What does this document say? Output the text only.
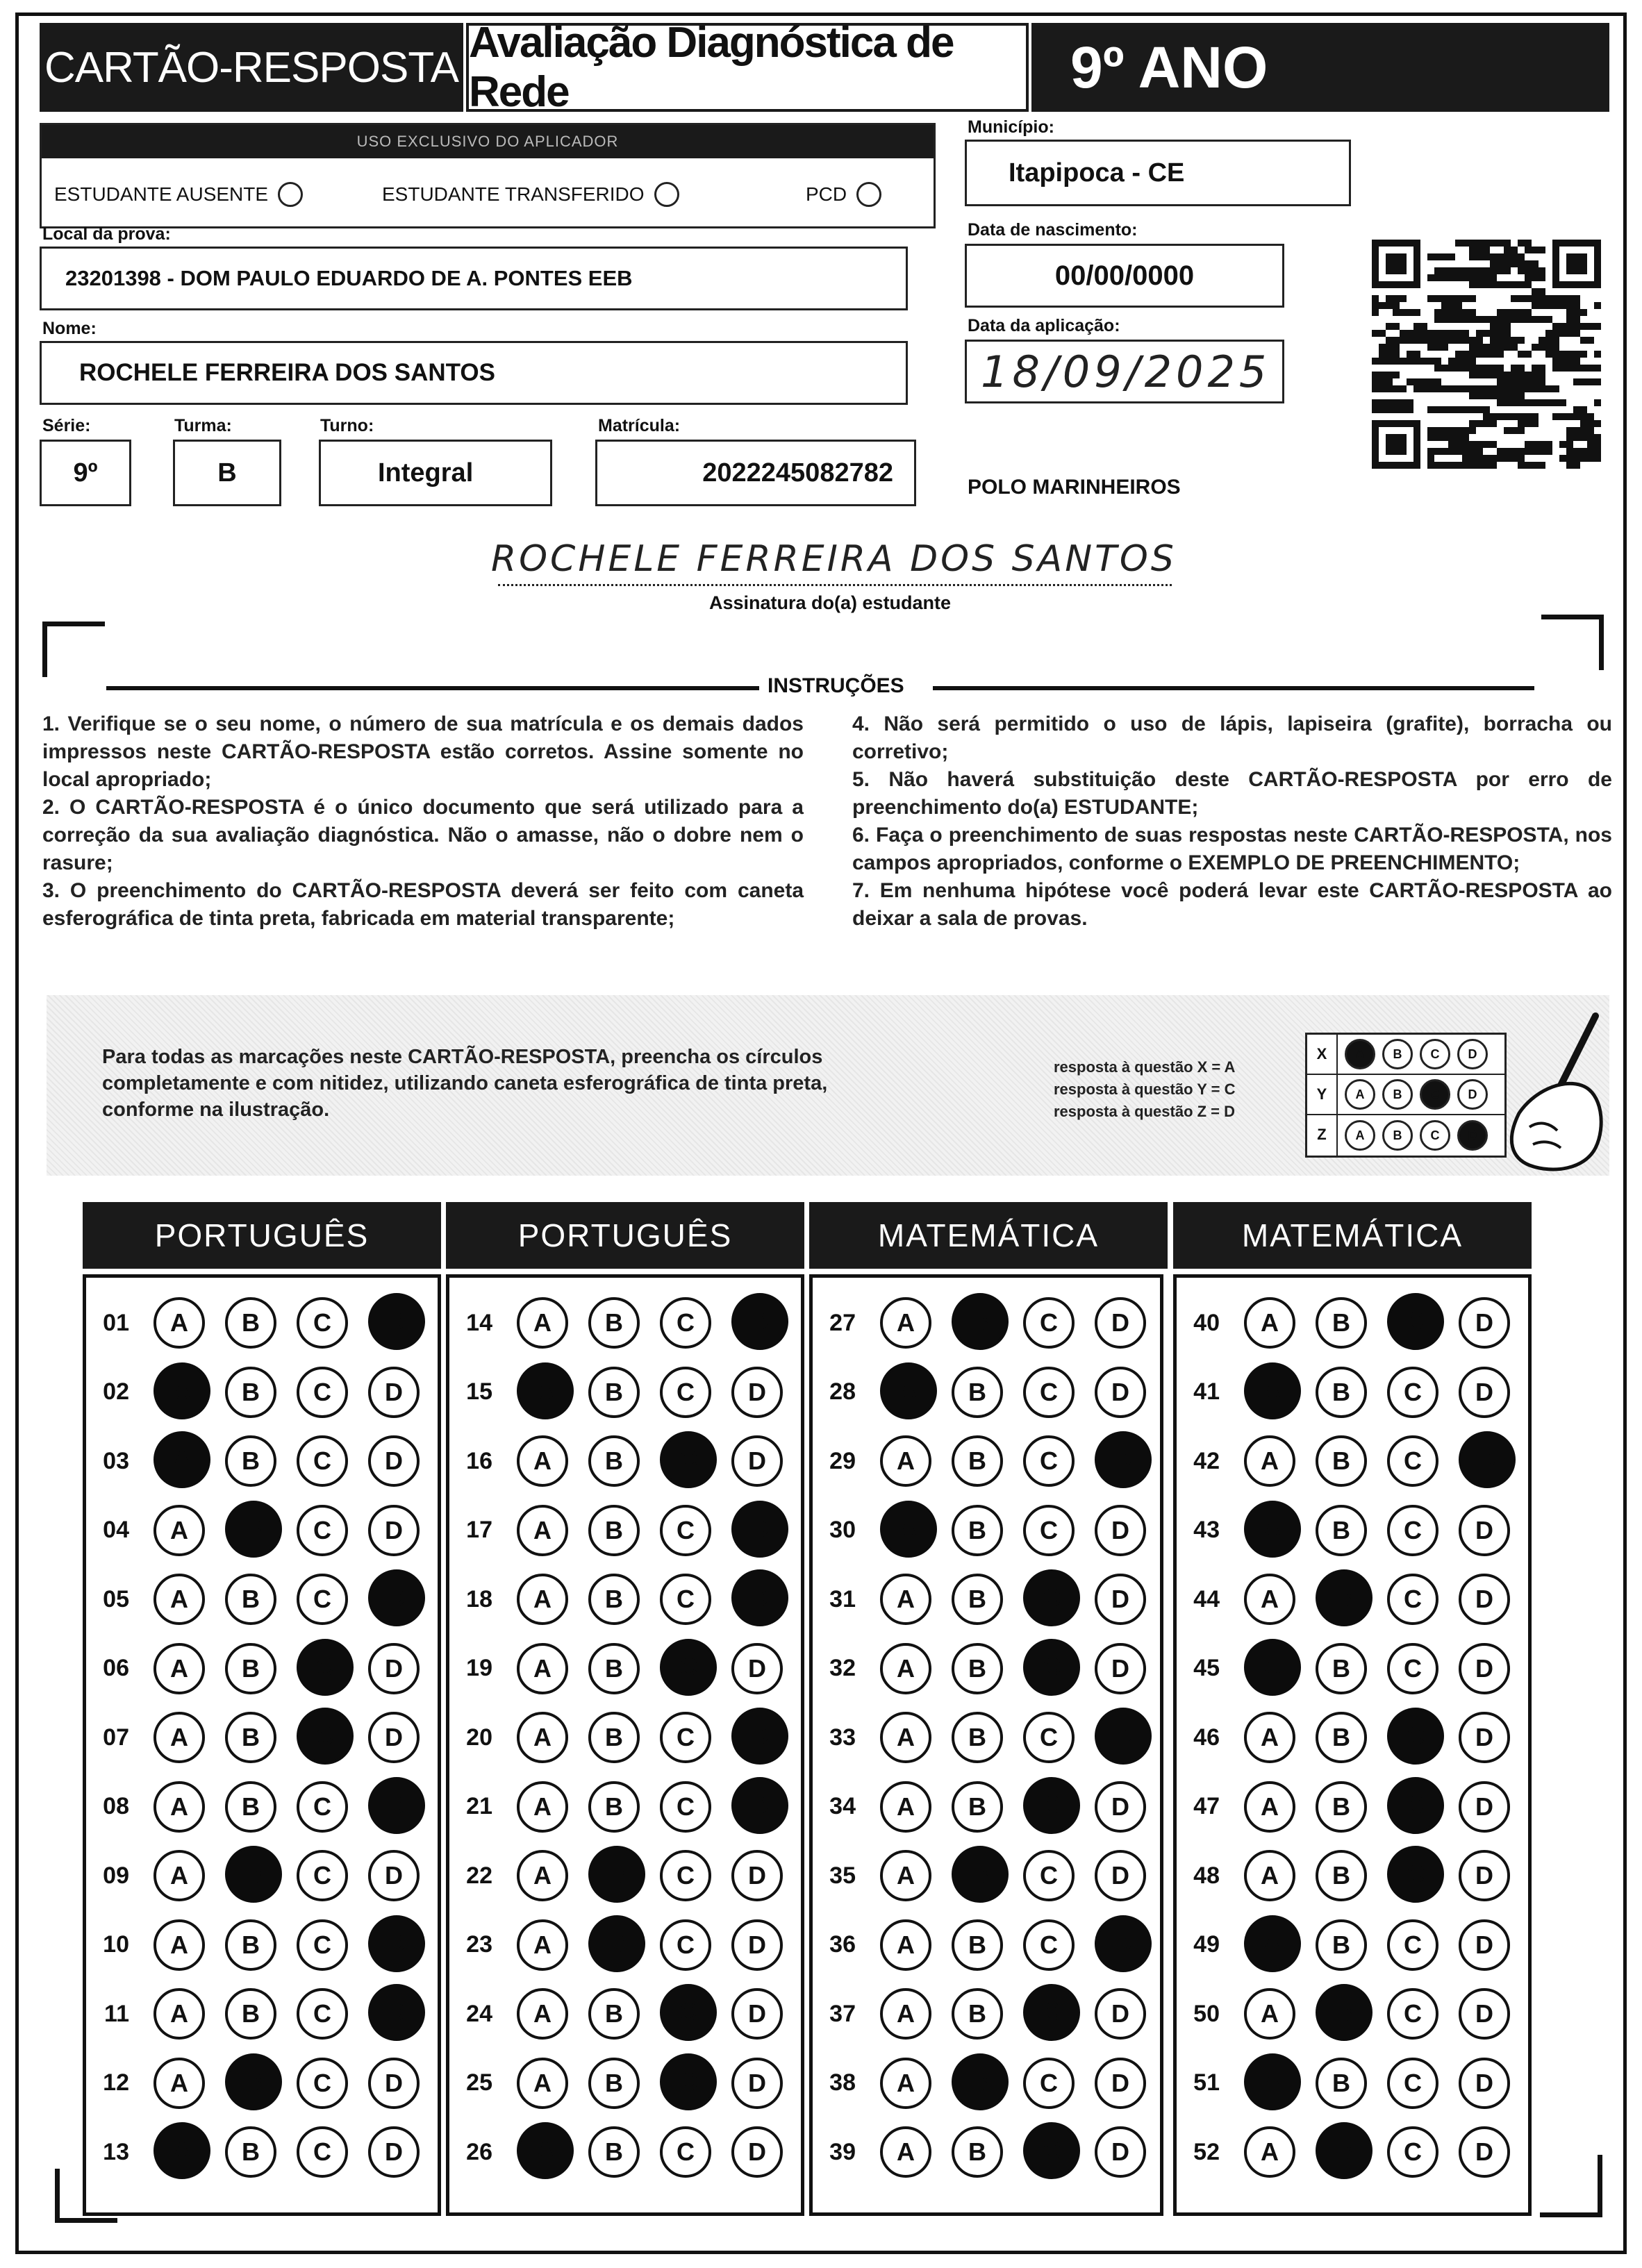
CARTÃO-RESPOSTA
Avaliação Diagnóstica de Rede	9º ANO
USO EXCLUSIVO DO APLICADOR
ESTUDANTE AUSENTE	ESTUDANTE TRANSFERIDO	PCD
Município:
Itapipoca - CE
Data de nascimento:
00/00/0000
Data da aplicação:
18/09/2025
POLO MARINHEIROS
Local da prova:
23201398 - DOM PAULO EDUARDO DE A. PONTES EEB
Nome:
ROCHELE FERREIRA DOS SANTOS
Série:
9º
Turma:
B
Turno:
Integral
Matrícula:
2022245082782
ROCHELE FERREIRA DOS SANTOS
Assinatura do(a) estudante
INSTRUÇÕES

1. Verifique se o seu nome, o número de sua matrícula e os demais dados impressos neste CARTÃO-RESPOSTA estão corretos. Assine somente no local apropriado;

2. O CARTÃO-RESPOSTA é o único documento que será utilizado para a correção da sua avaliação diagnóstica. Não o amasse, não o dobre nem o rasure;

3. O preenchimento do CARTÃO-RESPOSTA deverá ser feito com caneta esferográfica de tinta preta, fabricada em material transparente;

4. Não será permitido o uso de lápis, lapiseira (grafite), borracha ou corretivo;

5. Não haverá substituição deste CARTÃO-RESPOSTA por erro de preenchimento do(a) ESTUDANTE;

6. Faça o preenchimento de suas respostas neste CARTÃO-RESPOSTA, nos campos apropriados, conforme o EXEMPLO DE PREENCHIMENTO;

7. Em nenhuma hipótese você poderá levar este CARTÃO-RESPOSTA ao deixar a sala de provas.

Para todas as marcações neste CARTÃO-RESPOSTA, preencha os círculos completamente e com nitidez, utilizando caneta esferográfica de tinta preta, conforme na ilustração.
resposta à questão X = A
resposta à questão Y = C
resposta à questão Z = D
X	A	B	C	D
Y	A	B	C	D
Z	A	B	C	D
PORTUGUÊS
01	A	B	C	D
02	A	B	C	D
03	A	B	C	D
04	A	B	C	D
05	A	B	C	D
06	A	B	C	D
07	A	B	C	D
08	A	B	C	D
09	A	B	C	D
10	A	B	C	D
11	A	B	C	D
12	A	B	C	D
13	A	B	C	D
PORTUGUÊS
14	A	B	C	D
15	A	B	C	D
16	A	B	C	D
17	A	B	C	D
18	A	B	C	D
19	A	B	C	D
20	A	B	C	D
21	A	B	C	D
22	A	B	C	D
23	A	B	C	D
24	A	B	C	D
25	A	B	C	D
26	A	B	C	D
MATEMÁTICA
27	A	B	C	D
28	A	B	C	D
29	A	B	C	D
30	A	B	C	D
31	A	B	C	D
32	A	B	C	D
33	A	B	C	D
34	A	B	C	D
35	A	B	C	D
36	A	B	C	D
37	A	B	C	D
38	A	B	C	D
39	A	B	C	D
MATEMÁTICA
40	A	B	C	D
41	A	B	C	D
42	A	B	C	D
43	A	B	C	D
44	A	B	C	D
45	A	B	C	D
46	A	B	C	D
47	A	B	C	D
48	A	B	C	D
49	A	B	C	D
50	A	B	C	D
51	A	B	C	D
52	A	B	C	D
